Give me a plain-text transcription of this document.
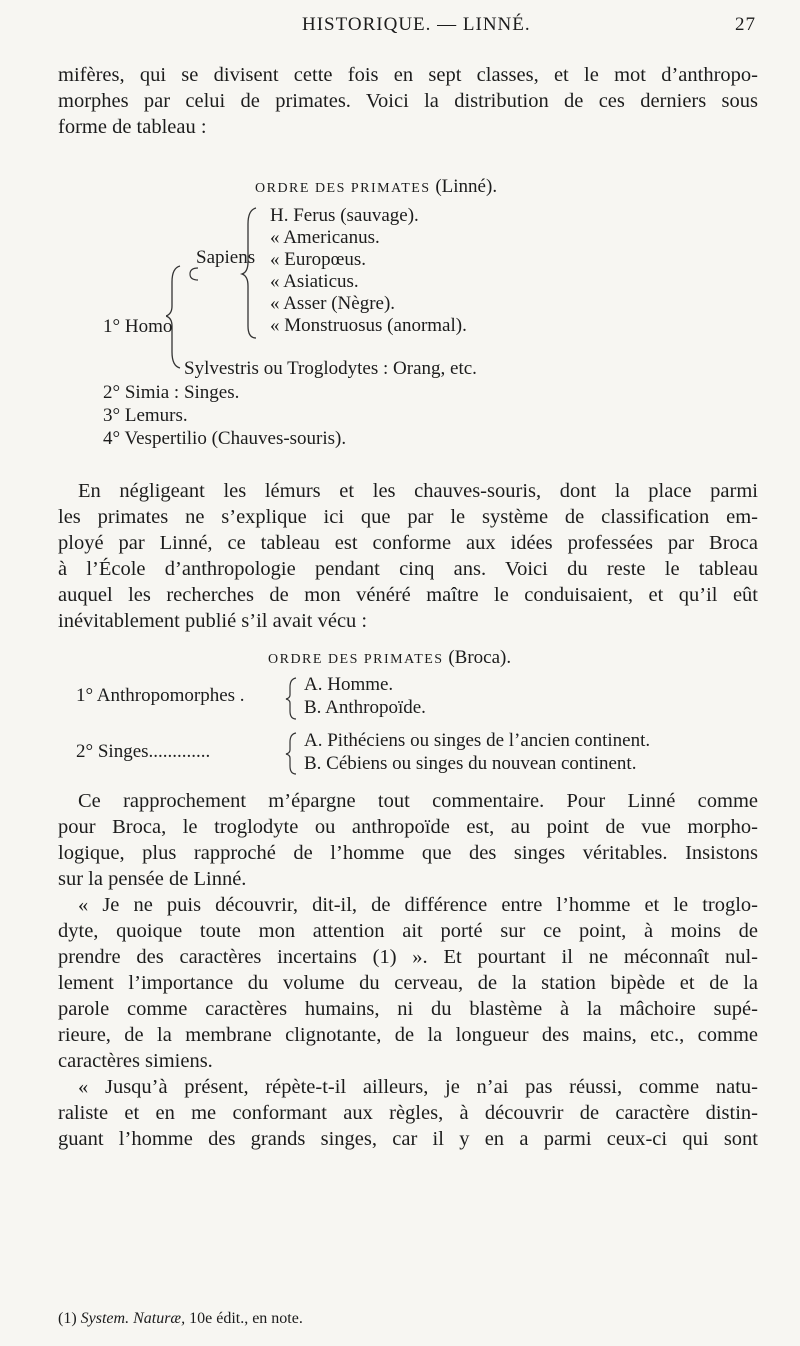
HISTORIQUE. — LINNÉ.	27
mifères, qui se divisent cette fois en sept classes, et le mot d’anthropo-
morphes par celui de primates. Voici la distribution de ces derniers sous
forme de tableau :
ORDRE DES PRIMATES (Linné).
H. Ferus (sauvage).
« Americanus.
« Europœus.
« Asiaticus.
« Asser (Nègre).
« Monstruosus (anormal).
Sapiens
1° Homo
Sylvestris ou Troglodytes : Orang, etc.
2° Simia : Singes.
3° Lemurs.
4° Vespertilio (Chauves-souris).
En négligeant les lémurs et les chauves-souris, dont la place parmi
les primates ne s’explique ici que par le système de classification em-
ployé par Linné, ce tableau est conforme aux idées professées par Broca
à l’École d’anthropologie pendant cinq ans. Voici du reste le tableau
auquel les recherches de mon vénéré maître le conduisaient, et qu’il eût
inévitablement publié s’il avait vécu :
ORDRE DES PRIMATES (Broca).
1° Anthropomorphes .
A. Homme.
B. Anthropoïde.
2° Singes.............
A. Pithéciens ou singes de l’ancien continent.
B. Cébiens ou singes du nouvean continent.
Ce rapprochement m’épargne tout commentaire. Pour Linné comme
pour Broca, le troglodyte ou anthropoïde est, au point de vue morpho-
logique, plus rapproché de l’homme que des singes véritables. Insistons
sur la pensée de Linné.
« Je ne puis découvrir, dit-il, de différence entre l’homme et le troglo-
dyte, quoique toute mon attention ait porté sur ce point, à moins de
prendre des caractères incertains (1) ». Et pourtant il ne méconnaît nul-
lement l’importance du volume du cerveau, de la station bipède et de la
parole comme caractères humains, ni du blastème à la mâchoire supé-
rieure, de la membrane clignotante, de la longueur des mains, etc., comme
caractères simiens.
« Jusqu’à présent, répète-t-il ailleurs, je n’ai pas réussi, comme natu-
raliste et en me conformant aux règles, à découvrir de caractère distin-
guant l’homme des grands singes, car il y en a parmi ceux-ci qui sont
(1) System. Naturæ, 10e édit., en note.
